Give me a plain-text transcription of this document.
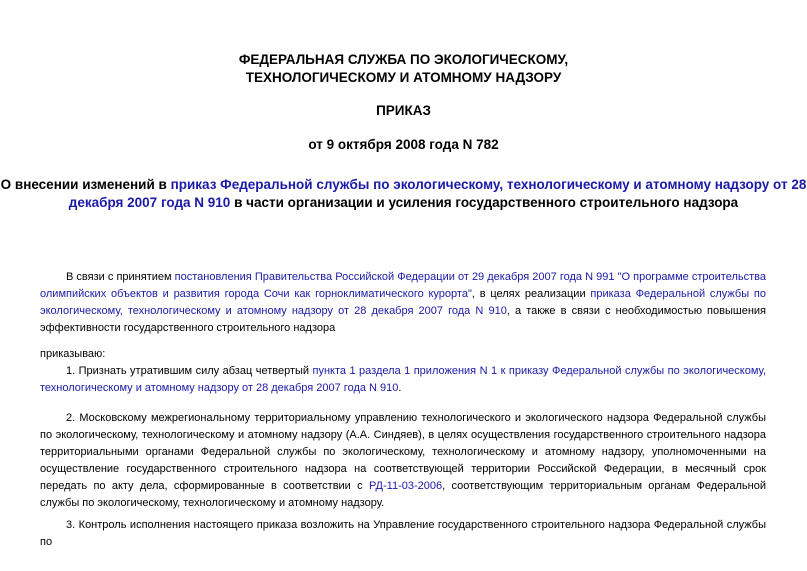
ФЕДЕРАЛЬНАЯ СЛУЖБА ПО ЭКОЛОГИЧЕСКОМУ,
ТЕХНОЛОГИЧЕСКОМУ И АТОМНОМУ НАДЗОРУ

ПРИКАЗ

от 9 октября 2008 года N 782

О внесении изменений в приказ Федеральной службы по экологическому, технологическому и атомному надзору от 28 декабря 2007 года N 910 в части организации и усиления государственного строительного надзора

В связи с принятием постановления Правительства Российской Федерации от 29 декабря 2007 года N 991 "О программе строительства олимпийских объектов и развития города Сочи как горноклиматического курорта", в целях реализации приказа Федеральной службы по экологическому, технологическому и атомному надзору от 28 декабря 2007 года N 910, а также в связи с необходимостью повышения эффективности государственного строительного надзора

приказываю:

1. Признать утратившим силу абзац четвертый пункта 1 раздела 1 приложения N 1 к приказу Федеральной службы по экологическому, технологическому и атомному надзору от 28 декабря 2007 года N 910.

2. Московскому межрегиональному территориальному управлению технологического и экологического надзора Федеральной службы по экологическому, технологическому и атомному надзору (А.А. Синдяев), в целях осуществления государственного строительного надзора территориальными органами Федеральной службы по экологическому, технологическому и атомному надзору, уполномоченными на осуществление государственного строительного надзора на соответствующей территории Российской Федерации, в месячный срок передать по акту дела, сформированные в соответствии с РД-11-03-2006, соответствующим территориальным органам Федеральной службы по экологическому, технологическому и атомному надзору.

3. Контроль исполнения настоящего приказа возложить на Управление государственного строительного надзора Федеральной службы по
